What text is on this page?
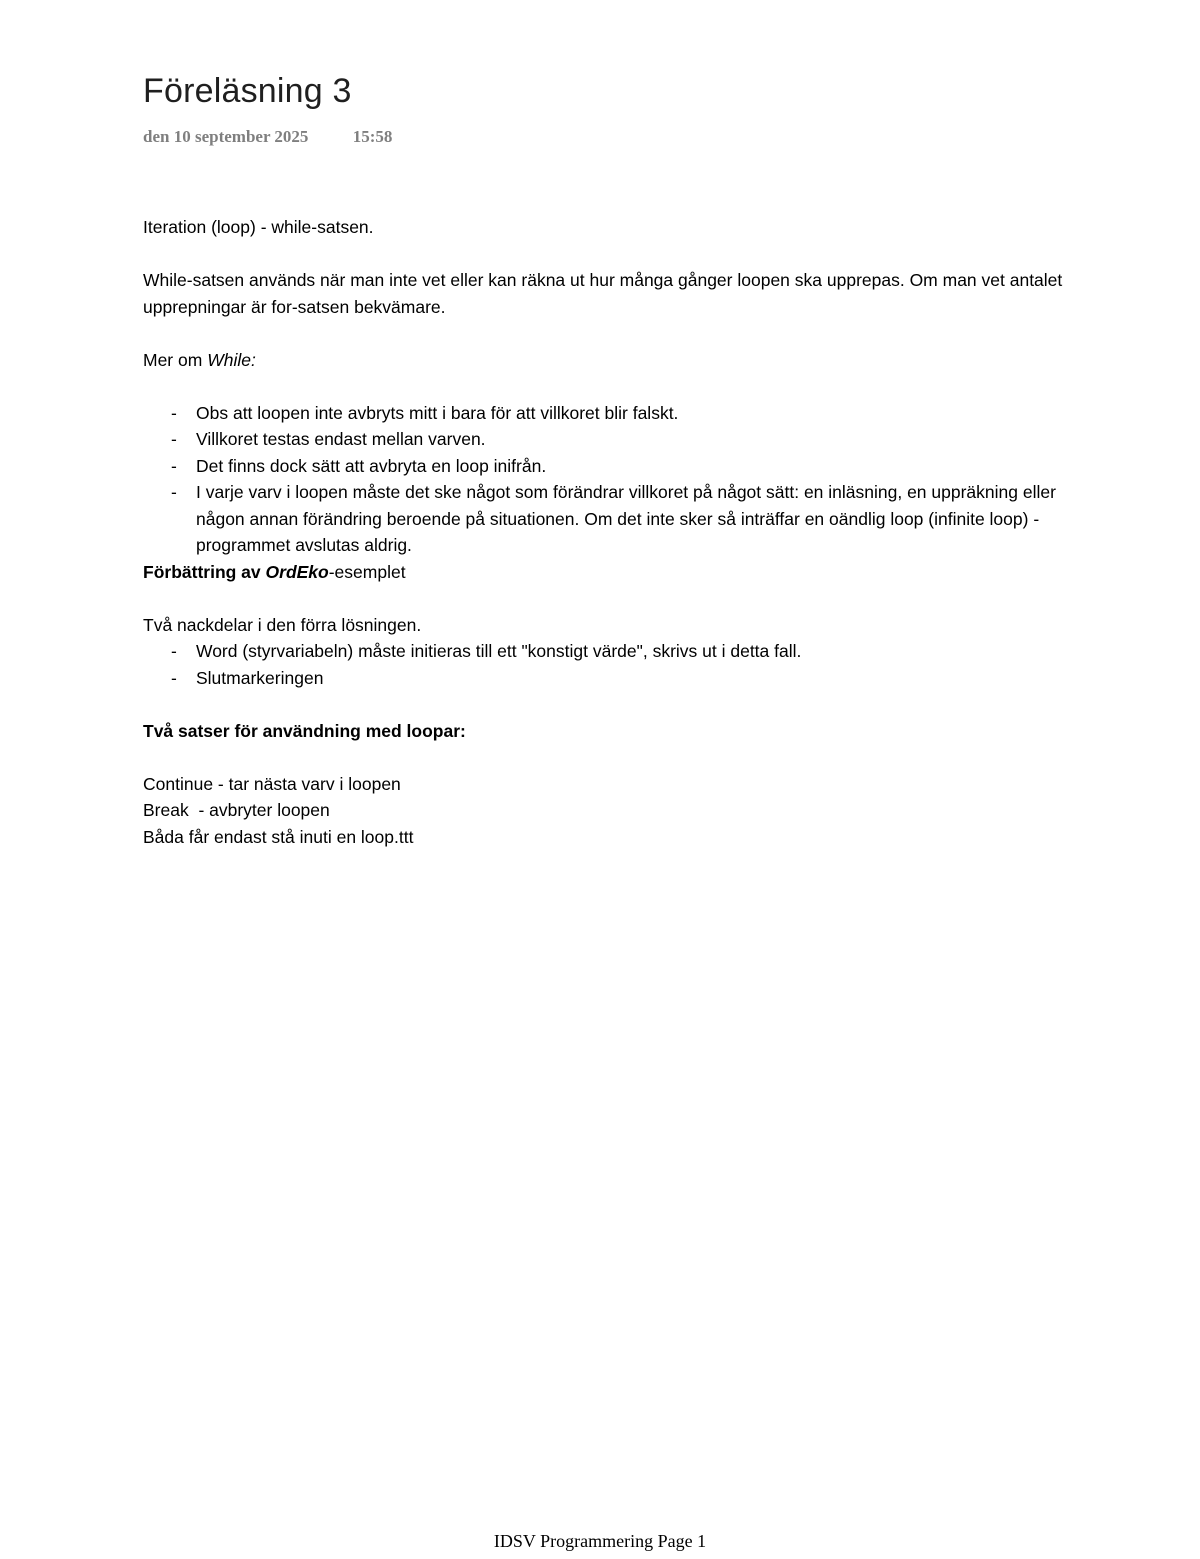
Föreläsning 3
den 10 september 2025	15:58

Iteration (loop) - while-satsen.

While-satsen används när man inte vet eller kan räkna ut hur många gånger loopen ska upprepas. Om man vet antalet upprepningar är for-satsen bekvämare.

Mer om While:

- Obs att loopen inte avbryts mitt i bara för att villkoret blir falskt.
- Villkoret testas endast mellan varven.
- Det finns dock sätt att avbryta en loop inifrån.
- I varje varv i loopen måste det ske något som förändrar villkoret på något sätt: en inläsning, en uppräkning eller någon annan förändring beroende på situationen. Om det inte sker så inträffar en oändlig loop (infinite loop) - programmet avslutas aldrig.

Förbättring av OrdEko-esemplet

Två nackdelar i den förra lösningen.

- Word (styrvariabeln) måste initieras till ett "konstigt värde", skrivs ut i detta fall.
- Slutmarkeringen

Två satser för användning med loopar:

Continue - tar nästa varv i loopen

Break  - avbryter loopen

Båda får endast stå inuti en loop.ttt

IDSV Programmering Page 1
